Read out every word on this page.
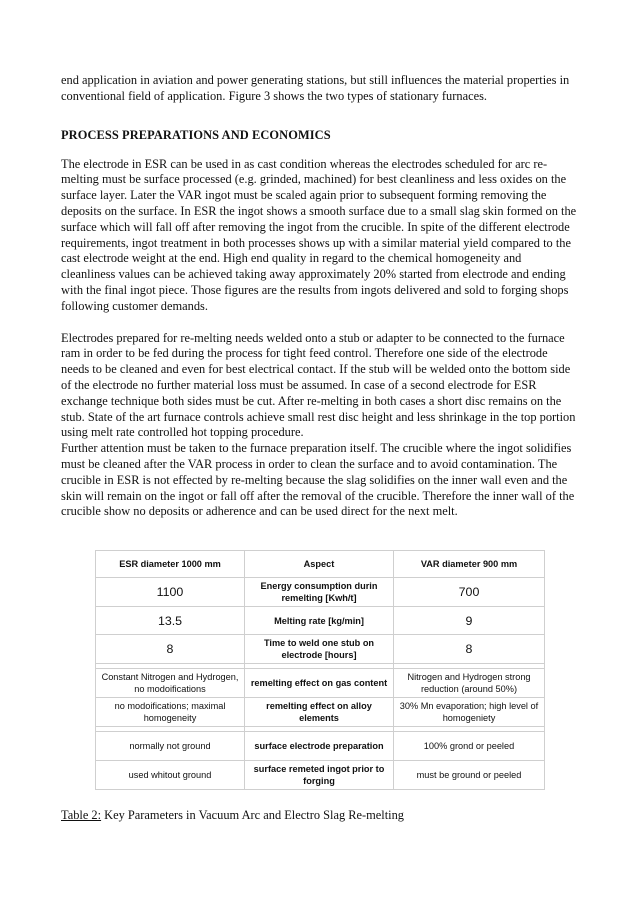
end application in aviation and power generating stations, but still influences the material properties in conventional field of application. Figure 3 shows the two types of stationary furnaces.

PROCESS PREPARATIONS AND ECONOMICS

The electrode in ESR can be used in as cast condition whereas the electrodes scheduled for arc re-melting must be surface processed (e.g. grinded, machined) for best cleanliness and less oxides on the surface layer. Later the VAR ingot must be scaled again prior to subsequent forming removing the deposits on the surface. In ESR the ingot shows a smooth surface due to a small slag skin formed on the surface which will fall off after removing the ingot from the crucible. In spite of the different electrode requirements, ingot treatment in both processes shows up with a similar material yield compared to the cast electrode weight at the end. High end quality in regard to the chemical homogeneity and cleanliness values can be achieved taking away approximately 20% started from electrode and ending with the final ingot piece. Those figures are the results from ingots delivered and sold to forging shops following customer demands.

Electrodes prepared for re-melting needs welded onto a stub or adapter to be connected to the furnace ram in order to be fed during the process for tight feed control. Therefore one side of the electrode needs to be cleaned and even for best electrical contact. If the stub will be welded onto the bottom side of the electrode no further material loss must be assumed. In case of a second electrode for ESR exchange technique both sides must be cut. After re-melting in both cases a short disc remains on the stub. State of the art furnace controls achieve small rest disc height and less shrinkage in the top portion using melt rate controlled hot topping procedure.

Further attention must be taken to the furnace preparation itself. The crucible where the ingot solidifies must be cleaned after the VAR process in order to clean the surface and to avoid contamination. The crucible in ESR is not effected by re-melting because the slag solidifies on the inner wall even and the skin will remain on the ingot or fall off after the removal of the crucible. Therefore the inner wall of the crucible show no deposits or adherence and can be used direct for the next melt.

ESR diameter 1000 mm	Aspect	VAR diameter 900 mm
1100	Energy consumption durin remelting [Kwh/t]	700
13.5	Melting rate [kg/min]	9
8	Time to weld one stub on electrode [hours]	8

Constant Nitrogen and Hydrogen, no modoifications	remelting effect on gas content	Nitrogen and Hydrogen strong reduction (around 50%)
no modoifications; maximal homogeneity	remelting effect on alloy elements	30% Mn evaporation; high level of homogeniety

normally not ground	surface electrode preparation	100% grond or peeled
used whitout ground	surface remeted ingot prior to forging	must be ground or peeled
Table 2: Key Parameters in Vacuum Arc and Electro Slag Re-melting
